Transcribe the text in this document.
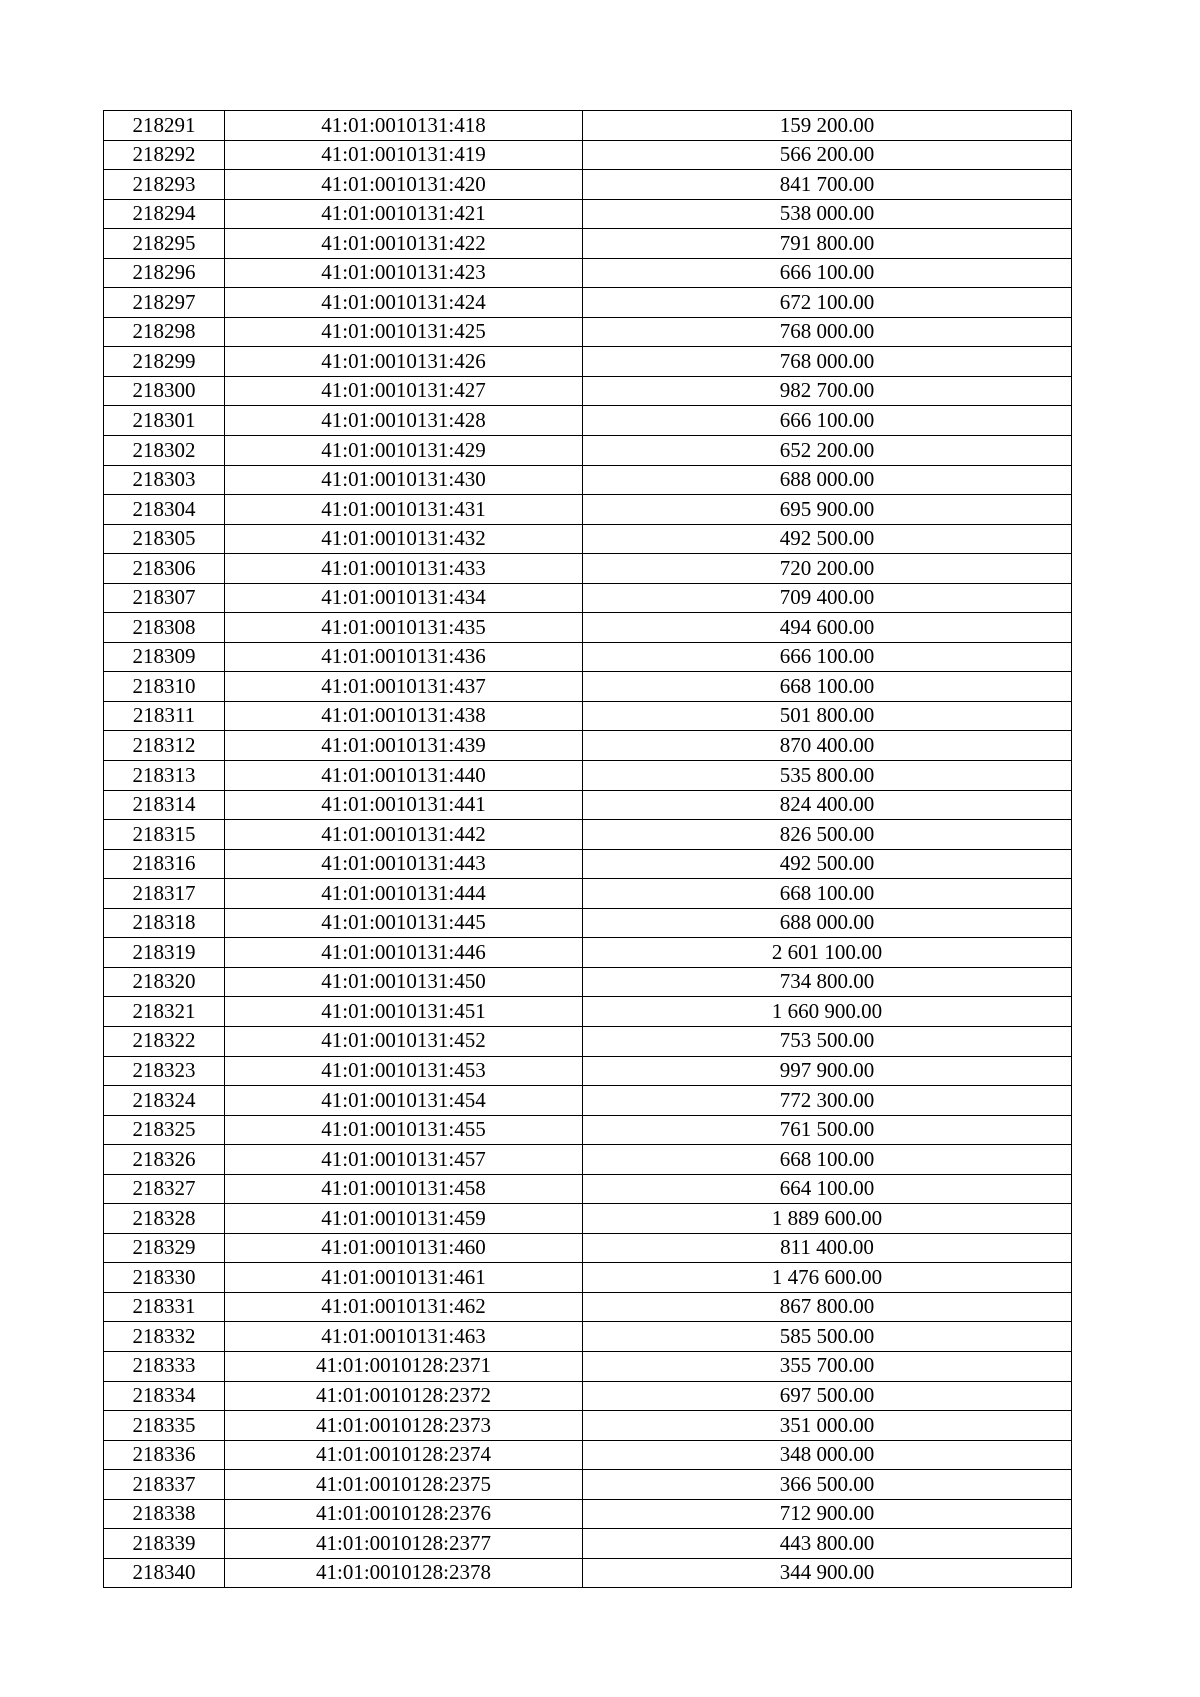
218291	41:01:0010131:418	159 200.00
218292	41:01:0010131:419	566 200.00
218293	41:01:0010131:420	841 700.00
218294	41:01:0010131:421	538 000.00
218295	41:01:0010131:422	791 800.00
218296	41:01:0010131:423	666 100.00
218297	41:01:0010131:424	672 100.00
218298	41:01:0010131:425	768 000.00
218299	41:01:0010131:426	768 000.00
218300	41:01:0010131:427	982 700.00
218301	41:01:0010131:428	666 100.00
218302	41:01:0010131:429	652 200.00
218303	41:01:0010131:430	688 000.00
218304	41:01:0010131:431	695 900.00
218305	41:01:0010131:432	492 500.00
218306	41:01:0010131:433	720 200.00
218307	41:01:0010131:434	709 400.00
218308	41:01:0010131:435	494 600.00
218309	41:01:0010131:436	666 100.00
218310	41:01:0010131:437	668 100.00
218311	41:01:0010131:438	501 800.00
218312	41:01:0010131:439	870 400.00
218313	41:01:0010131:440	535 800.00
218314	41:01:0010131:441	824 400.00
218315	41:01:0010131:442	826 500.00
218316	41:01:0010131:443	492 500.00
218317	41:01:0010131:444	668 100.00
218318	41:01:0010131:445	688 000.00
218319	41:01:0010131:446	2 601 100.00
218320	41:01:0010131:450	734 800.00
218321	41:01:0010131:451	1 660 900.00
218322	41:01:0010131:452	753 500.00
218323	41:01:0010131:453	997 900.00
218324	41:01:0010131:454	772 300.00
218325	41:01:0010131:455	761 500.00
218326	41:01:0010131:457	668 100.00
218327	41:01:0010131:458	664 100.00
218328	41:01:0010131:459	1 889 600.00
218329	41:01:0010131:460	811 400.00
218330	41:01:0010131:461	1 476 600.00
218331	41:01:0010131:462	867 800.00
218332	41:01:0010131:463	585 500.00
218333	41:01:0010128:2371	355 700.00
218334	41:01:0010128:2372	697 500.00
218335	41:01:0010128:2373	351 000.00
218336	41:01:0010128:2374	348 000.00
218337	41:01:0010128:2375	366 500.00
218338	41:01:0010128:2376	712 900.00
218339	41:01:0010128:2377	443 800.00
218340	41:01:0010128:2378	344 900.00
